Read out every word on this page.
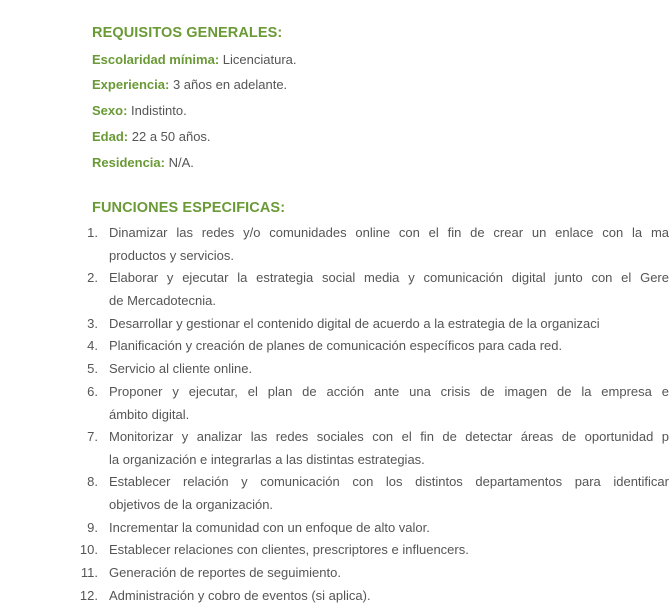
REQUISITOS GENERALES:
Escolaridad mínima: Licenciatura.
Experiencia: 3 años en adelante.
Sexo: Indistinto.
Edad: 22 a 50 años.
Residencia: N/A.
FUNCIONES ESPECIFICAS:
1. Dinamizar las redes y/o comunidades online con el fin de crear un enlace con la ma
productos y servicios.
2. Elaborar y ejecutar la estrategia social media y comunicación digital junto con el Gere
de Mercadotecnia.
3. Desarrollar y gestionar el contenido digital de acuerdo a la estrategia de la organizaci
4. Planificación y creación de planes de comunicación específicos para cada red.
5. Servicio al cliente online.
6. Proponer y ejecutar, el plan de acción ante una crisis de imagen de la empresa e
ámbito digital.
7. Monitorizar y analizar las redes sociales con el fin de detectar áreas de oportunidad p
la organización e integrarlas a las distintas estrategias.
8. Establecer relación y comunicación con los distintos departamentos para identificar
objetivos de la organización.
9. Incrementar la comunidad con un enfoque de alto valor.
10. Establecer relaciones con clientes, prescriptores e influencers.
11. Generación de reportes de seguimiento.
12. Administración y cobro de eventos (si aplica).
